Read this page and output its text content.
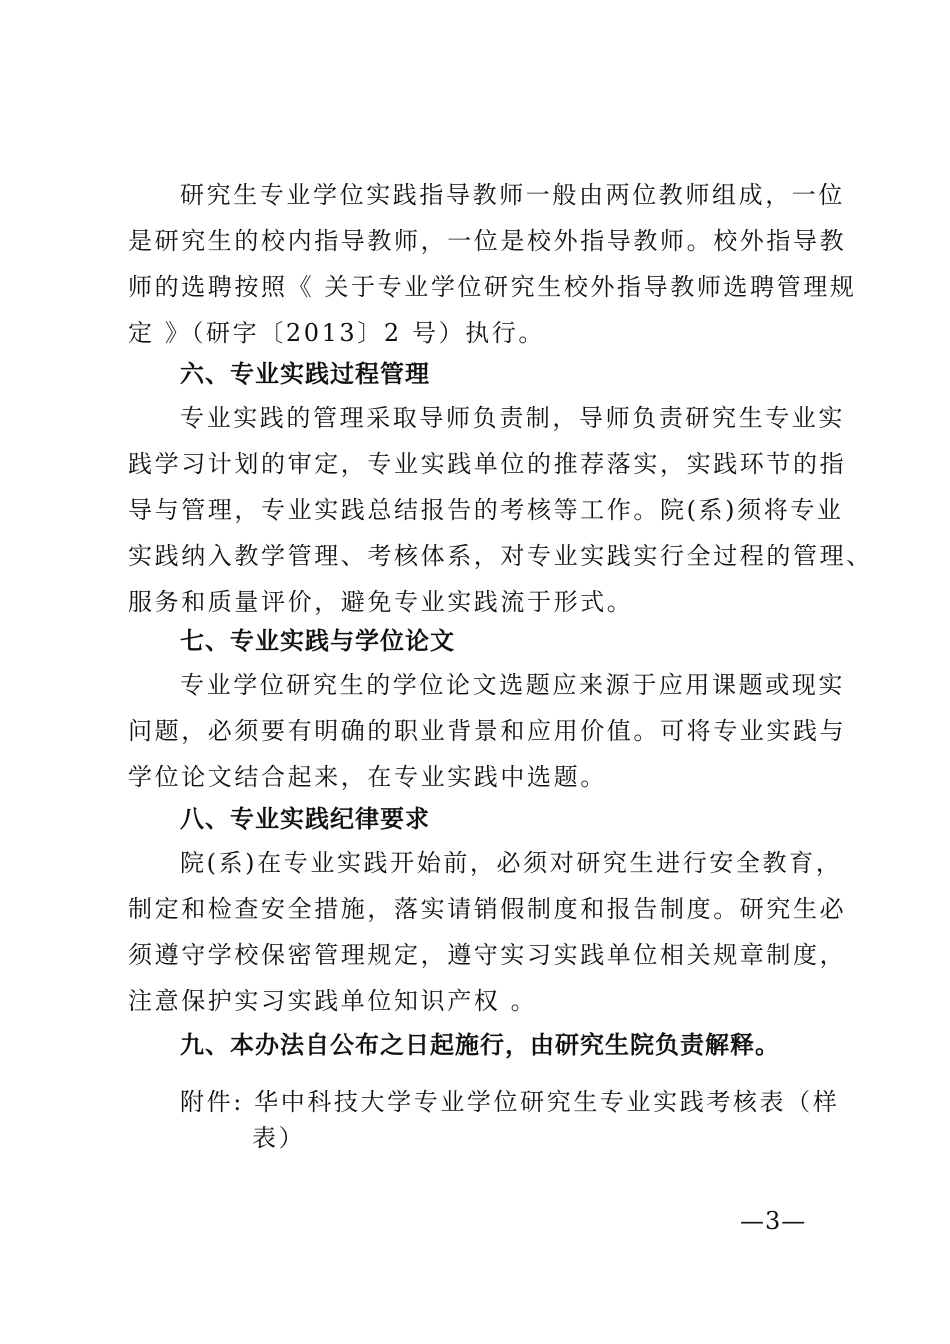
研究生专业学位实践指导教师一般由两位教师组成，一位
是研究生的校内指导教师，一位是校外指导教师。校外指导教
师的选聘按照《 关于专业学位研究生校外指导教师选聘管理规
定 》（研字〔2013〕2 号）执行。
六、专业实践过程管理
专业实践的管理采取导师负责制，导师负责研究生专业实
践学习计划的审定，专业实践单位的推荐落实，实践环节的指
导与管理，专业实践总结报告的考核等工作。院(系)须将专业
实践纳入教学管理、考核体系，对专业实践实行全过程的管理、
服务和质量评价，避免专业实践流于形式。
七、专业实践与学位论文
专业学位研究生的学位论文选题应来源于应用课题或现实
问题，必须要有明确的职业背景和应用价值。可将专业实践与
学位论文结合起来，在专业实践中选题。
八、专业实践纪律要求
院(系)在专业实践开始前，必须对研究生进行安全教育，
制定和检查安全措施，落实请销假制度和报告制度。研究生必
须遵守学校保密管理规定，遵守实习实践单位相关规章制度，
注意保护实习实践单位知识产权 。
九、本办法自公布之日起施行，由研究生院负责解释。
附件: 华中科技大学专业学位研究生专业实践考核表（样
表）
—3—
